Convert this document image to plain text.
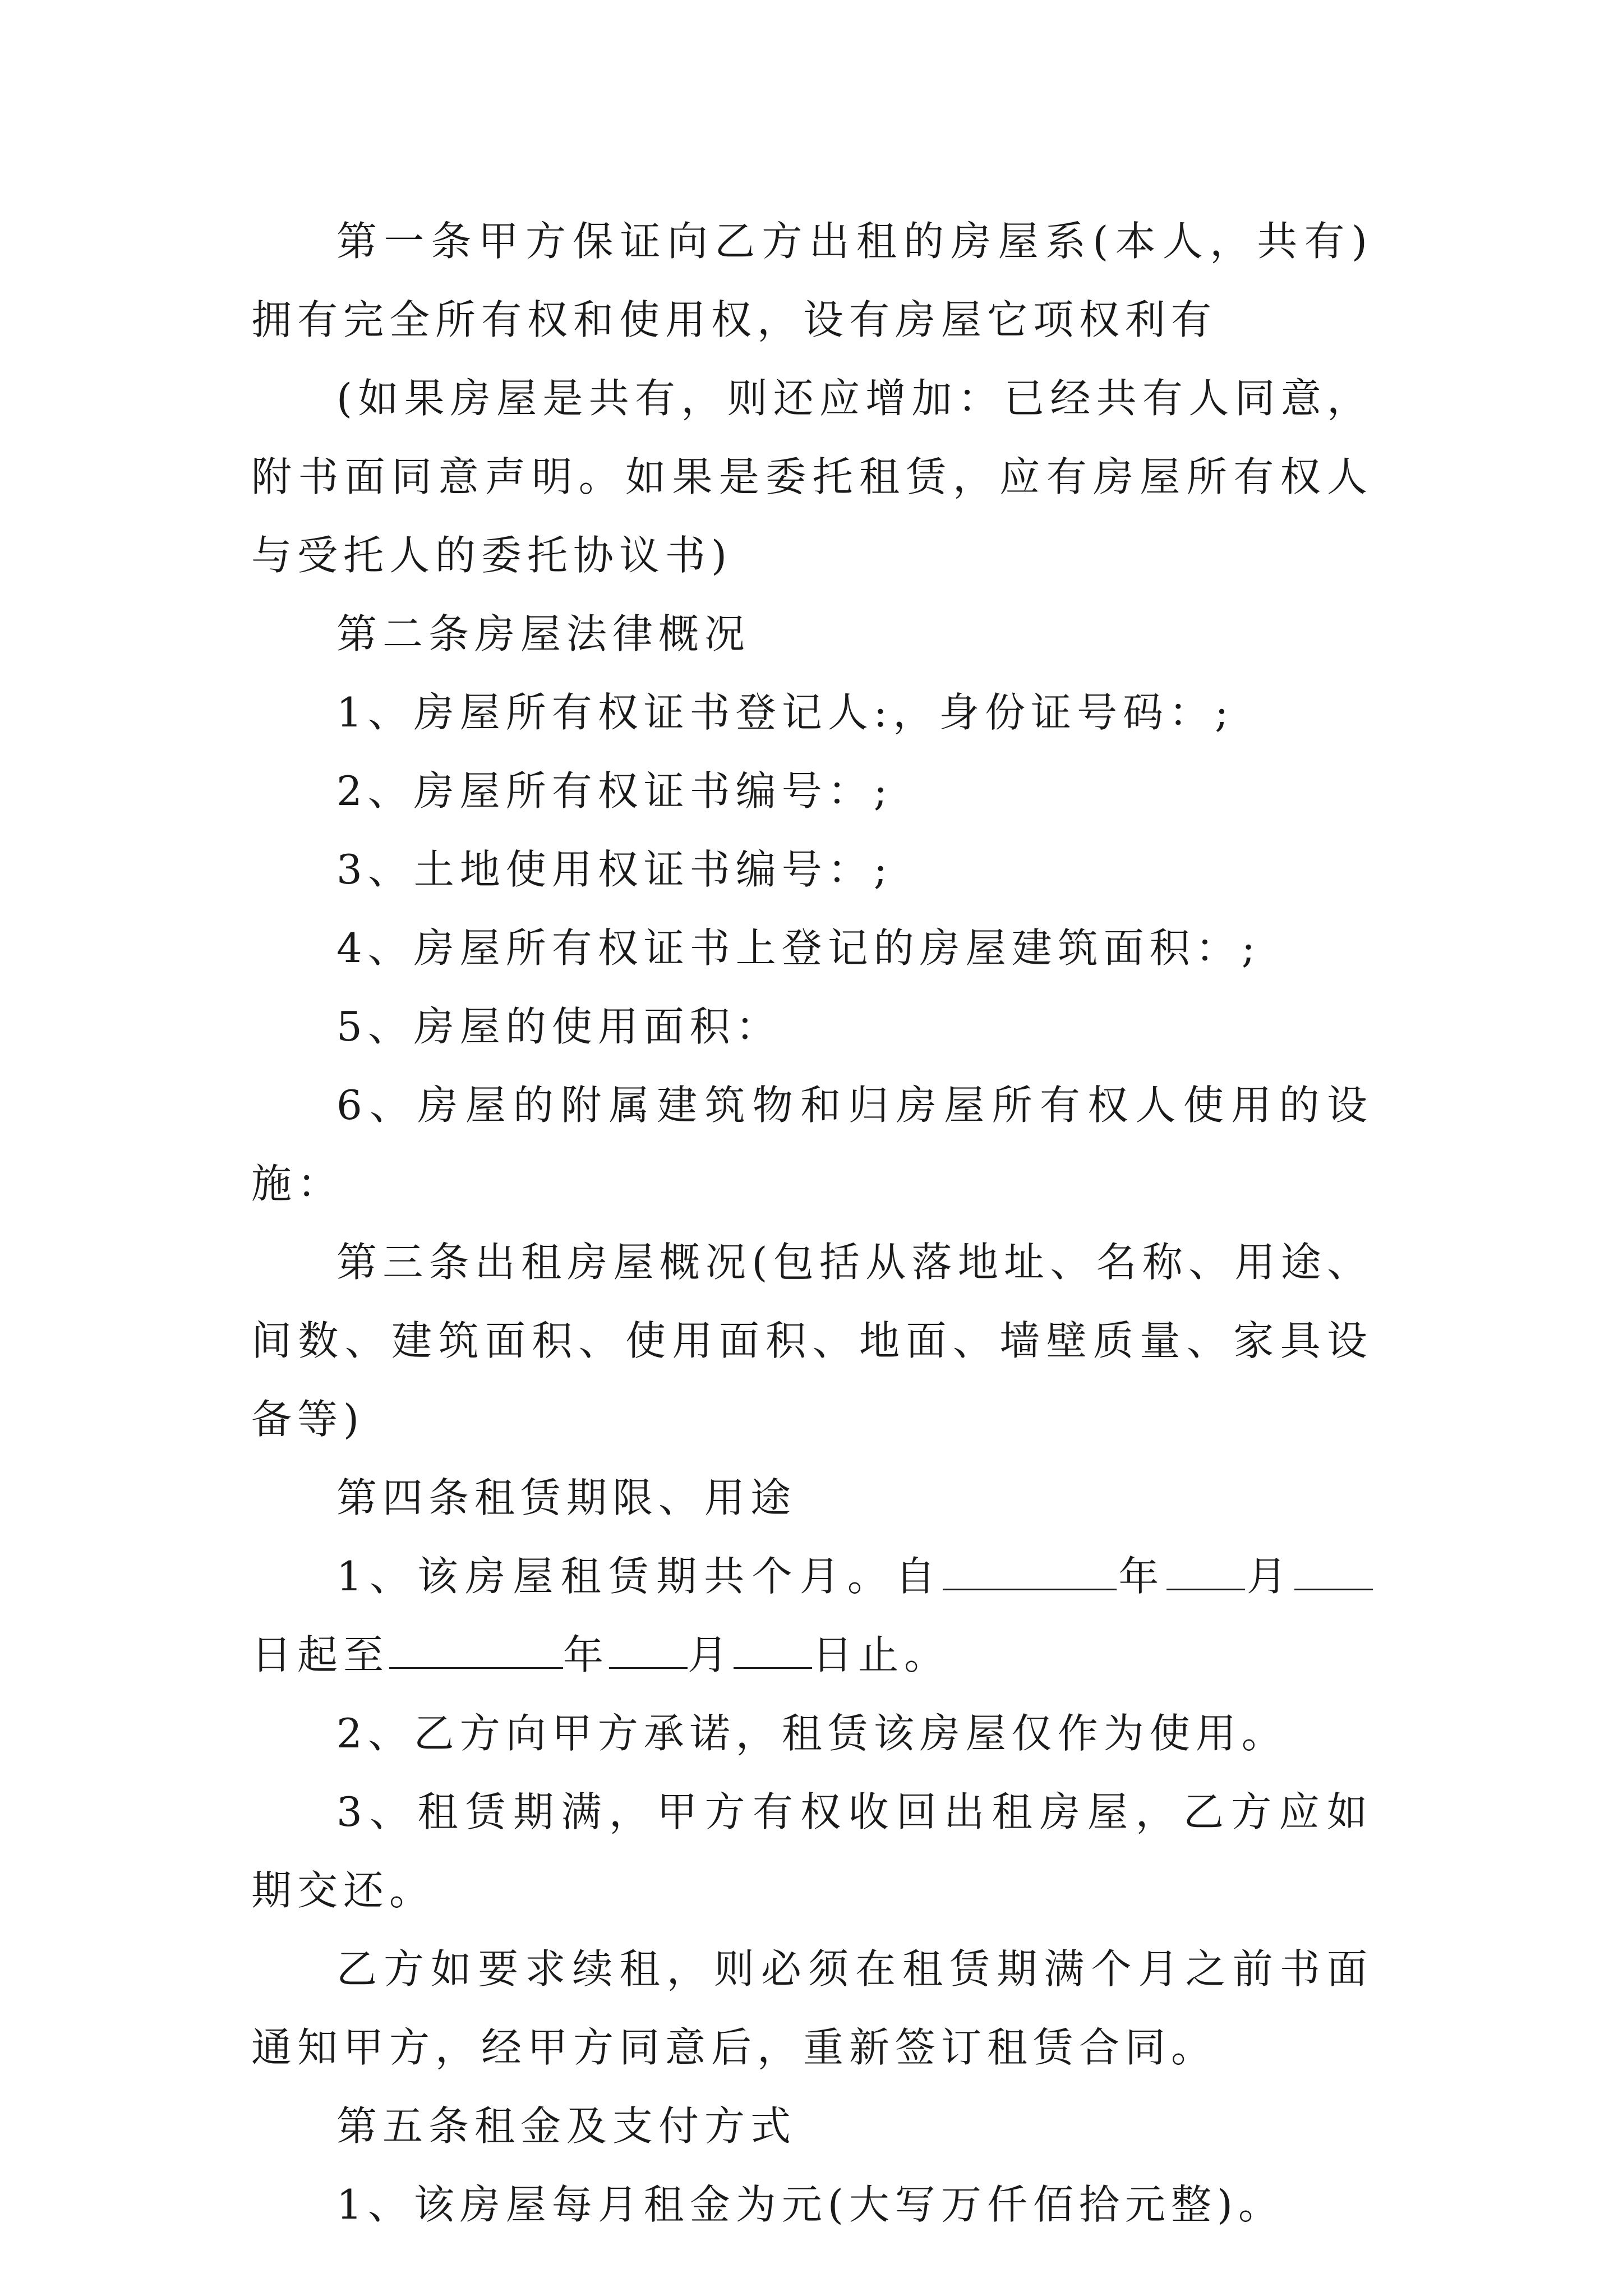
第一条甲方保证向乙方出租的房屋系(本人，共有)拥有完全所有权和使用权，设有房屋它项权利有

(如果房屋是共有，则还应增加：已经共有人同意，附书面同意声明。如果是委托租赁，应有房屋所有权人与受托人的委托协议书)

第二条房屋法律概况

1、房屋所有权证书登记人:，身份证号码：;

2、房屋所有权证书编号：;

3、土地使用权证书编号：;

4、房屋所有权证书上登记的房屋建筑面积：;

5、房屋的使用面积：

6、房屋的附属建筑物和归房屋所有权人使用的设施：

第三条出租房屋概况(包括从落地址、名称、用途、间数、建筑面积、使用面积、地面、墙壁质量、家具设备等)

第四条租赁期限、用途

1、该房屋租赁期共个月。自	年 月日起至	年 月 日止。

2、乙方向甲方承诺，租赁该房屋仅作为使用。

3、租赁期满，甲方有权收回出租房屋，乙方应如期交还。

乙方如要求续租，则必须在租赁期满个月之前书面通知甲方，经甲方同意后，重新签订租赁合同。

第五条租金及支付方式

1、该房屋每月租金为元(大写万仟佰拾元整)。
